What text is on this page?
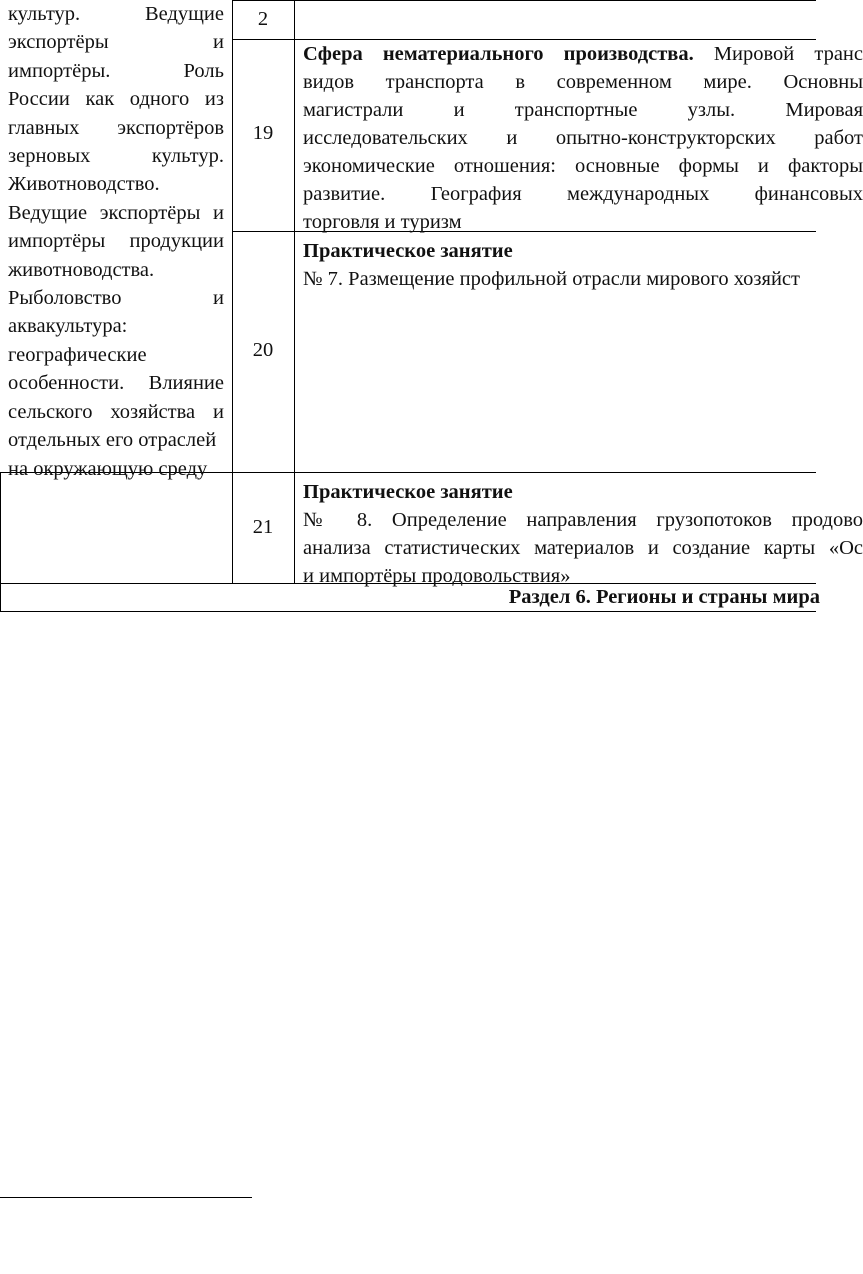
культур. Ведущие
экспортёры и
импортёры. Роль
России как одного из
главных экспортёров
зерновых культур.
Животноводство.
Ведущие экспортёры и
импортёры продукции
животноводства.
Рыболовство и
аквакультура:
географические
особенности. Влияние
сельского хозяйства и
отдельных его отраслей
на окружающую среду
2
19
20
21
Сфера нематериального производства. Мировой транс
видов транспорта в современном мире. Основны
магистрали и транспортные узлы. Мировая
исследовательских и опытно-конструкторских работ
экономические отношения: основные формы и факторы
развитие. География международных финансовых
торговля и туризм
Практическое занятие
№ 7. Размещение профильной отрасли мирового хозяйст
Практическое занятие
№ 8. Определение направления грузопотоков продово
анализа статистических материалов и создание карты «Ос
и импортёры продовольствия»
Раздел 6. Регионы и страны мира
